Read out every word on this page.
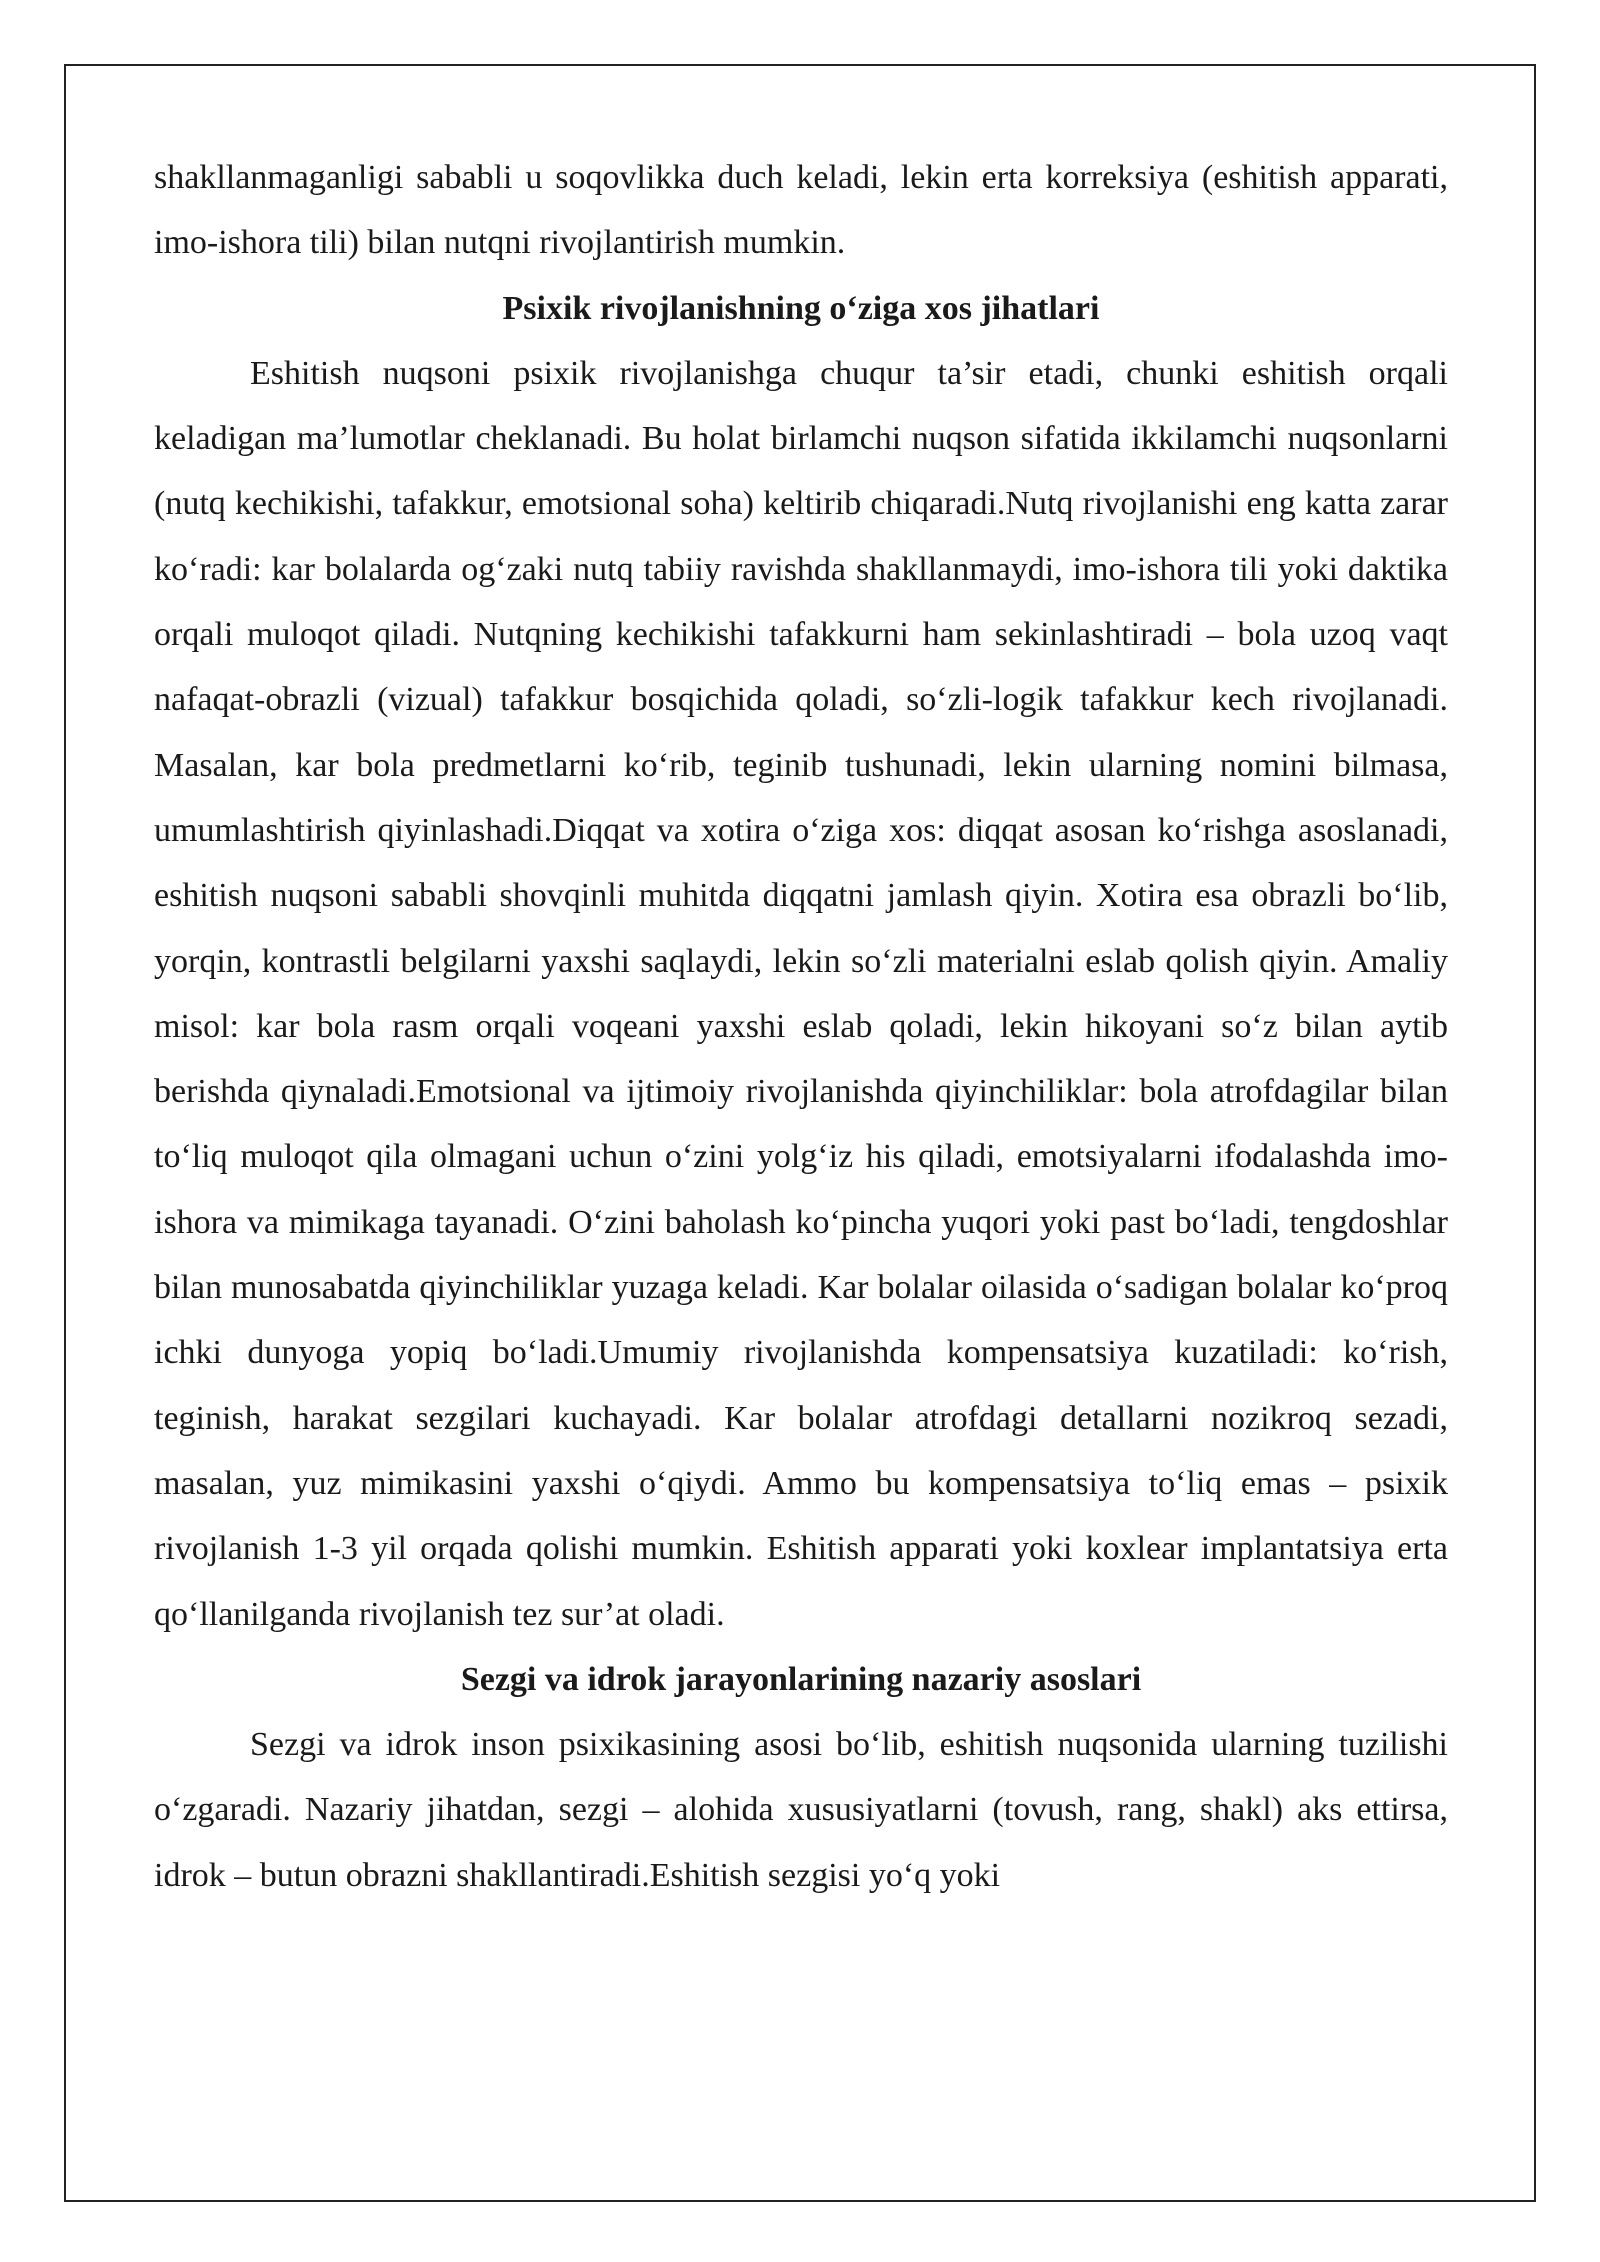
shakllanmaganligi sababli u soqovlikka duch keladi, lekin erta korreksiya (eshitish apparati, imo-ishora tili) bilan nutqni rivojlantirish mumkin.

Psixik rivojlanishning o‘ziga xos jihatlari

Eshitish nuqsoni psixik rivojlanishga chuqur ta’sir etadi, chunki eshitish orqali keladigan ma’lumotlar cheklanadi. Bu holat birlamchi nuqson sifatida ikkilamchi nuqsonlarni (nutq kechikishi, tafakkur, emotsional soha) keltirib chiqaradi.Nutq rivojlanishi eng katta zarar ko‘radi: kar bolalarda og‘zaki nutq tabiiy ravishda shakllanmaydi, imo-ishora tili yoki daktika orqali muloqot qiladi. Nutqning kechikishi tafakkurni ham sekinlashtiradi – bola uzoq vaqt nafaqat-obrazli (vizual) tafakkur bosqichida qoladi, so‘zli-logik tafakkur kech rivojlanadi. Masalan, kar bola predmetlarni ko‘rib, teginib tushunadi, lekin ularning nomini bilmasa, umumlashtirish qiyinlashadi.Diqqat va xotira o‘ziga xos: diqqat asosan ko‘rishga asoslanadi, eshitish nuqsoni sababli shovqinli muhitda diqqatni jamlash qiyin. Xotira esa obrazli bo‘lib, yorqin, kontrastli belgilarni yaxshi saqlaydi, lekin so‘zli materialni eslab qolish qiyin. Amaliy misol: kar bola rasm orqali voqeani yaxshi eslab qoladi, lekin hikoyani so‘z bilan aytib berishda qiynaladi.Emotsional va ijtimoiy rivojlanishda qiyinchiliklar: bola atrofdagilar bilan to‘liq muloqot qila olmagani uchun o‘zini yolg‘iz his qiladi, emotsiyalarni ifodalashda imo-ishora va mimikaga tayanadi. O‘zini baholash ko‘pincha yuqori yoki past bo‘ladi, tengdoshlar bilan munosabatda qiyinchiliklar yuzaga keladi. Kar bolalar oilasida o‘sadigan bolalar ko‘proq ichki dunyoga yopiq bo‘ladi.Umumiy rivojlanishda kompensatsiya kuzatiladi: ko‘rish, teginish, harakat sezgilari kuchayadi. Kar bolalar atrofdagi detallarni nozikroq sezadi, masalan, yuz mimikasini yaxshi o‘qiydi. Ammo bu kompensatsiya to‘liq emas – psixik rivojlanish 1-3 yil orqada qolishi mumkin. Eshitish apparati yoki koxlear implantatsiya erta qo‘llanilganda rivojlanish tez sur’at oladi.

Sezgi va idrok jarayonlarining nazariy asoslari

Sezgi va idrok inson psixikasining asosi bo‘lib, eshitish nuqsonida ularning tuzilishi o‘zgaradi. Nazariy jihatdan, sezgi – alohida xususiyatlarni (tovush, rang, shakl) aks ettirsa, idrok – butun obrazni shakllantiradi.Eshitish sezgisi yo‘q yoki
